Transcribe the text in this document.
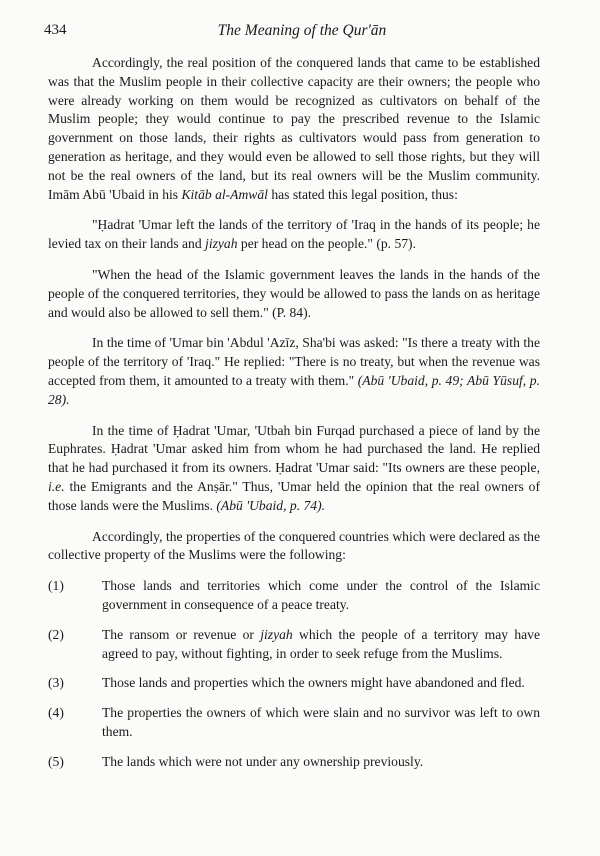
434	The Meaning of the Qur'ān

Accordingly, the real position of the conquered lands that came to be established was that the Muslim people in their collective capacity are their owners; the people who were already working on them would be recognized as cultivators on behalf of the Muslim people; they would continue to pay the prescribed revenue to the Islamic government on those lands, their rights as cultivators would pass from generation to generation as heritage, and they would even be allowed to sell those rights, but they will not be the real owners of the land, but its real owners will be the Muslim community. Imām Abū 'Ubaid in his Kitāb al-Amwāl has stated this legal position, thus:

"Ḥadrat 'Umar left the lands of the territory of 'Iraq in the hands of its people; he levied tax on their lands and jizyah per head on the people." (p. 57).

"When the head of the Islamic government leaves the lands in the hands of the people of the conquered territories, they would be allowed to pass the lands on as heritage and would also be allowed to sell them." (P. 84).

In the time of 'Umar bin 'Abdul 'Azīz, Sha'bi was asked: "Is there a treaty with the people of the territory of 'Iraq." He replied: "There is no treaty, but when the revenue was accepted from them, it amounted to a treaty with them." (Abū 'Ubaid, p. 49; Abū Yūsuf, p. 28).

In the time of Ḥadrat 'Umar, 'Utbah bin Furqad purchased a piece of land by the Euphrates. Ḥadrat 'Umar asked him from whom he had purchased the land. He replied that he had purchased it from its owners. Ḥadrat 'Umar said: "Its owners are these people, i.e. the Emigrants and the Anṣār." Thus, 'Umar held the opinion that the real owners of those lands were the Muslims. (Abū 'Ubaid, p. 74).

Accordingly, the properties of the conquered countries which were declared as the collective property of the Muslims were the following:

(1)	Those lands and territories which come under the control of the Islamic government in consequence of a peace treaty.
(2)	The ransom or revenue or jizyah which the people of a territory may have agreed to pay, without fighting, in order to seek refuge from the Muslims.
(3)	Those lands and properties which the owners might have abandoned and fled.
(4)	The properties the owners of which were slain and no survivor was left to own them.
(5)	The lands which were not under any ownership previously.
